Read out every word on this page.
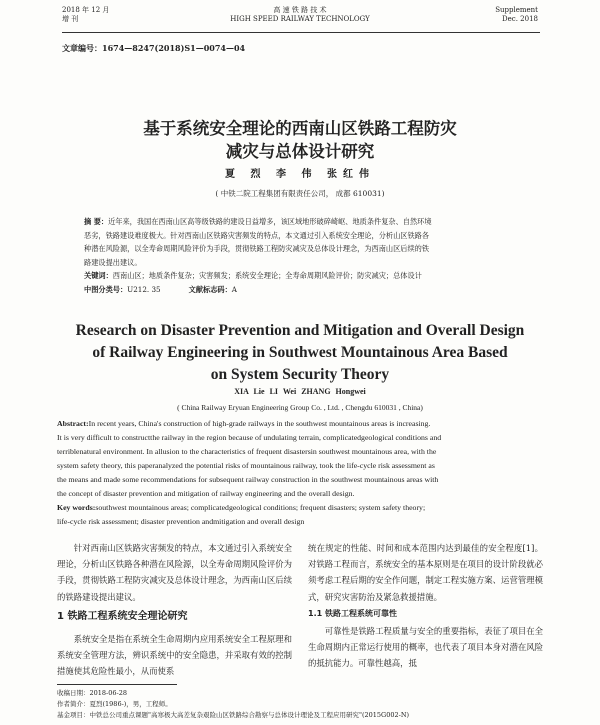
2018 年 12 月
增 刊
高 速 铁 路 技 术
HIGH SPEED RAILWAY TECHNOLOGY
Supplement
Dec. 2018
文章编号：1674—8247(2018)S1—0074—04
基于系统安全理论的西南山区铁路工程防灾
减灾与总体设计研究
夏 烈 李 伟 张红伟
( 中铁二院工程集团有限责任公司， 成都 610031)
摘 要：近年来，我国在西南山区高等级铁路的建设日益增多，该区域地形破碎崎岖、地质条件复杂、自然环境
恶劣，铁路建设难度极大。针对西南山区铁路灾害频发的特点，本文通过引入系统安全理论，分析山区铁路各
种潜在风险源，以全寿命周期风险评价为手段，贯彻铁路工程防灾减灾及总体设计理念，为西南山区后续的铁
路建设提出建议。
关键词：西南山区；地质条件复杂；灾害频发；系统安全理论；全寿命周期风险评价；防灾减灾；总体设计
中图分类号：U212. 35	文献标志码：A
Research on Disaster Prevention and Mitigation and Overall Design
of Railway Engineering in Southwest Mountainous Area Based
on System Security Theory
XIA Lie LI Wei ZHANG Hongwei
( China Railway Eryuan Engineering Group Co. , Ltd. , Chengdu 610031 , China)
Abstract:In recent years, China's construction of high-grade railways in the southwest mountainous areas is increasing.
It is very difficult to constructthe railway in the region because of undulating terrain, complicatedgeological conditions and
terriblenatural environment. In allusion to the characteristics of frequent disastersin southwest mountainous area, with the
system safety theory, this paperanalyzed the potential risks of mountainous railway, took the life-cycle risk assessment as
the means and made some recommendations for subsequent railway construction in the southwest mountainous areas with
the concept of disaster prevention and mitigation of railway engineering and the overall design.
Key words:southwest mountainous areas; complicatedgeological conditions; frequent disasters; system safety theory;
life-cycle risk assessment; disaster prevention andmitigation and overall design
针对西南山区铁路灾害频发的特点，本文通过引入系统安全理论，分析山区铁路各种潜在风险源，以全寿命周期风险评价为手段，贯彻铁路工程防灾减灾及总体设计理念，为西南山区后续的铁路建设提出建议。
1 铁路工程系统安全理论研究
系统安全是指在系统全生命周期内应用系统安全工程原理和系统安全管理方法，辨识系统中的安全隐患，并采取有效的控制措施使其危险性最小，从而使系
统在规定的性能、时间和成本范围内达到最佳的安全程度[1]。对铁路工程而言，系统安全的基本原则是在项目的设计阶段就必须考虑工程后期的安全作问题，制定工程实施方案、运营管理模式，研究灾害防治及紧急救援措施。
1.1 铁路工程系统可靠性
可靠性是铁路工程质量与安全的重要指标，表征了项目在全生命周期内正常运行使用的概率，也代表了项目本身对潜在风险的抵抗能力。可靠性越高，抵
收稿日期：2018-06-28
作者简介：夏烈(1986-)，男，工程师。
基金项目：中铁总公司重点课题"高寒极大高差复杂艰险山区铁路综合勘察与总体设计理论及工程应用研究"(2015G002-N)
